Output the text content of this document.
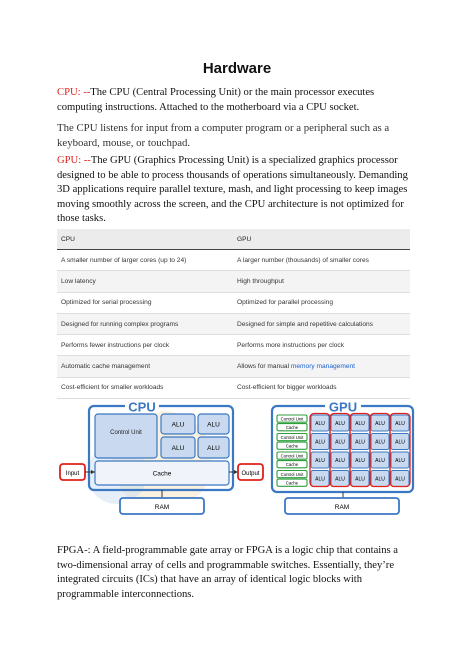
Hardware

CPU: --The CPU (Central Processing Unit) or the main processor executes computing instructions. Attached to the motherboard via a CPU socket.

The CPU listens for input from a computer program or a peripheral such as a keyboard, mouse, or touchpad.

GPU: --The GPU (Graphics Processing Unit) is a specialized graphics processor designed to be able to process thousands of operations simultaneously. Demanding 3D applications require parallel texture, mash, and light processing to keep images moving smoothly across the screen, and the CPU architecture is not optimized for those tasks.

CPU	GPU
A smaller number of larger cores (up to 24)	A larger number (thousands) of smaller cores
Low latency	High throughput
Optimized for serial processing	Optimized for parallel processing
Designed for running complex programs	Designed for simple and repetitive calculations
Performs fewer instructions per clock	Performs more instructions per clock
Automatic cache management	Allows for manual memory management
Cost-efficient for smaller workloads	Cost-efficient for bigger workloads
CPU
Control Unit
ALU	ALU
ALU	ALU
Cache
Input	Output
RAM
GPU
Control Unit
Cache
ALU ALU ALU ALU ALU
Control Unit
Cache
ALU ALU ALU ALU ALU
Control Unit
Cache
ALU ALU ALU ALU ALU
Control Unit
Cache
ALU ALU ALU ALU ALU
RAM

FPGA-: A field-programmable gate array or FPGA is a logic chip that contains a two-dimensional array of cells and programmable switches. Essentially, they’re integrated circuits (ICs) that have an array of identical logic blocks with programmable interconnections.
